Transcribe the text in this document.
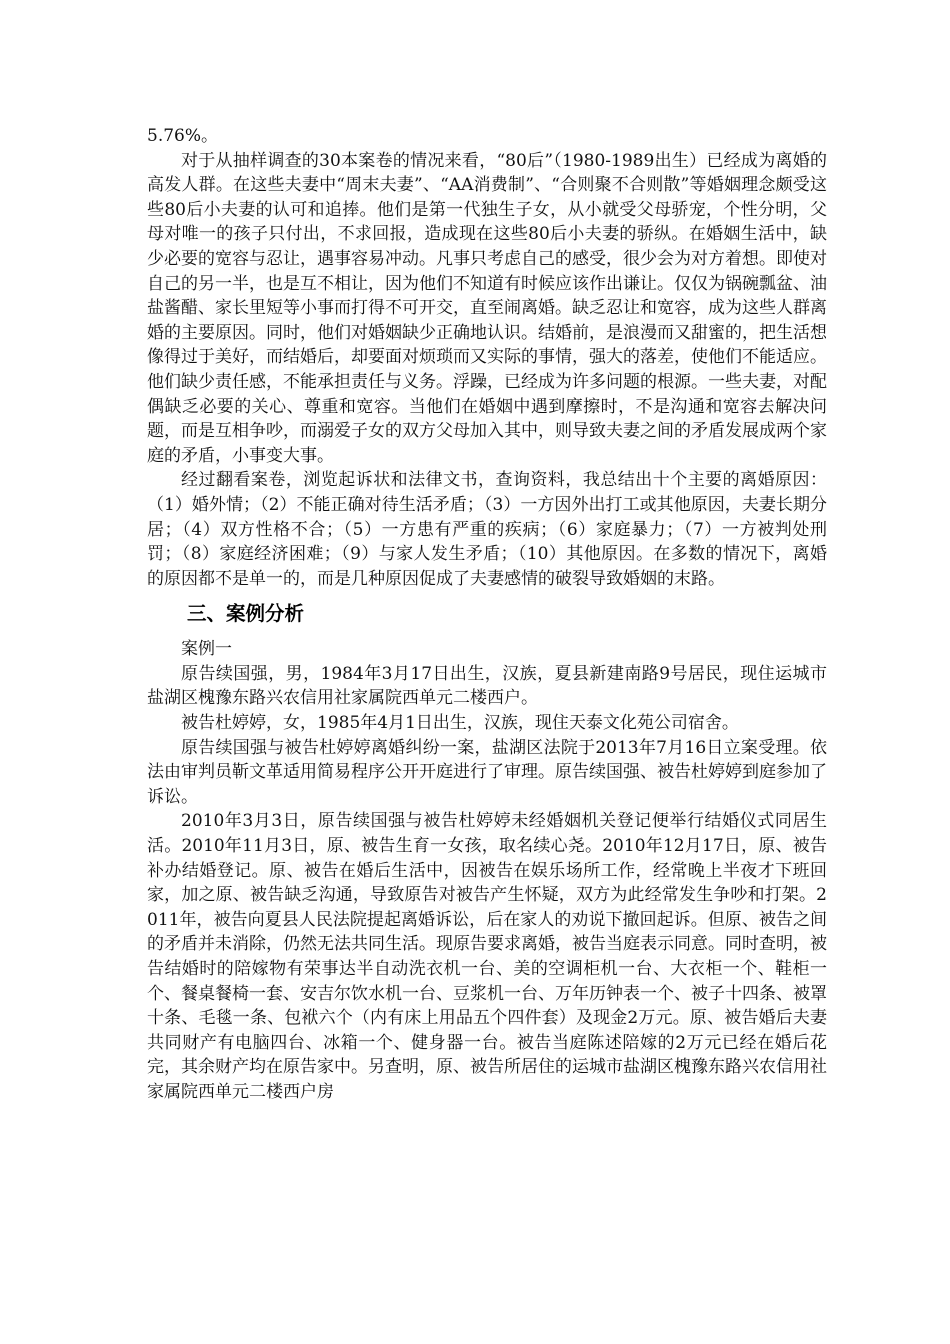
5.76%。

对于从抽样调查的30本案卷的情况来看，“80后”（1980-1989出生）已经成为离婚的高发人群。在这些夫妻中“周末夫妻”、“AA消费制”、“合则聚不合则散”等婚姻理念颇受这些80后小夫妻的认可和追捧。他们是第一代独生子女，从小就受父母骄宠，个性分明，父母对唯一的孩子只付出，不求回报，造成现在这些80后小夫妻的骄纵。在婚姻生活中，缺少必要的宽容与忍让，遇事容易冲动。凡事只考虑自己的感受，很少会为对方着想。即使对自己的另一半，也是互不相让，因为他们不知道有时候应该作出谦让。仅仅为锅碗瓢盆、油盐酱醋、家长里短等小事而打得不可开交，直至闹离婚。缺乏忍让和宽容，成为这些人群离婚的主要原因。同时，他们对婚姻缺少正确地认识。结婚前，是浪漫而又甜蜜的，把生活想像得过于美好，而结婚后，却要面对烦琐而又实际的事情，强大的落差，使他们不能适应。他们缺少责任感，不能承担责任与义务。浮躁，已经成为许多问题的根源。一些夫妻，对配偶缺乏必要的关心、尊重和宽容。当他们在婚姻中遇到摩擦时，不是沟通和宽容去解决问题，而是互相争吵，而溺爱子女的双方父母加入其中，则导致夫妻之间的矛盾发展成两个家庭的矛盾，小事变大事。

经过翻看案卷，浏览起诉状和法律文书，查询资料，我总结出十个主要的离婚原因：（1）婚外情；（2）不能正确对待生活矛盾；（3）一方因外出打工或其他原因，夫妻长期分居；（4）双方性格不合；（5）一方患有严重的疾病；（6）家庭暴力；（7）一方被判处刑罚；（8）家庭经济困难；（9）与家人发生矛盾；（10）其他原因。在多数的情况下，离婚的原因都不是单一的，而是几种原因促成了夫妻感情的破裂导致婚姻的末路。

三、案例分析

案例一

原告续国强，男，1984年3月17日出生，汉族，夏县新建南路9号居民，现住运城市盐湖区槐豫东路兴农信用社家属院西单元二楼西户。

被告杜婷婷，女，1985年4月1日出生，汉族，现住天泰文化苑公司宿舍。

原告续国强与被告杜婷婷离婚纠纷一案，盐湖区法院于2013年7月16日立案受理。依法由审判员靳文革适用简易程序公开开庭进行了审理。原告续国强、被告杜婷婷到庭参加了诉讼。

2010年3月3日，原告续国强与被告杜婷婷未经婚姻机关登记便举行结婚仪式同居生活。2010年11月3日，原、被告生育一女孩，取名续心尧。2010年12月17日，原、被告补办结婚登记。原、被告在婚后生活中，因被告在娱乐场所工作，经常晚上半夜才下班回家，加之原、被告缺乏沟通，导致原告对被告产生怀疑，双方为此经常发生争吵和打架。2011年，被告向夏县人民法院提起离婚诉讼，后在家人的劝说下撤回起诉。但原、被告之间的矛盾并未消除，仍然无法共同生活。现原告要求离婚，被告当庭表示同意。同时查明，被告结婚时的陪嫁物有荣事达半自动洗衣机一台、美的空调柜机一台、大衣柜一个、鞋柜一个、餐桌餐椅一套、安吉尔饮水机一台、豆浆机一台、万年历钟表一个、被子十四条、被罩十条、毛毯一条、包袱六个（内有床上用品五个四件套）及现金2万元。原、被告婚后夫妻共同财产有电脑四台、冰箱一个、健身器一台。被告当庭陈述陪嫁的2万元已经在婚后花完，其余财产均在原告家中。另查明，原、被告所居住的运城市盐湖区槐豫东路兴农信用社家属院西单元二楼西户房
